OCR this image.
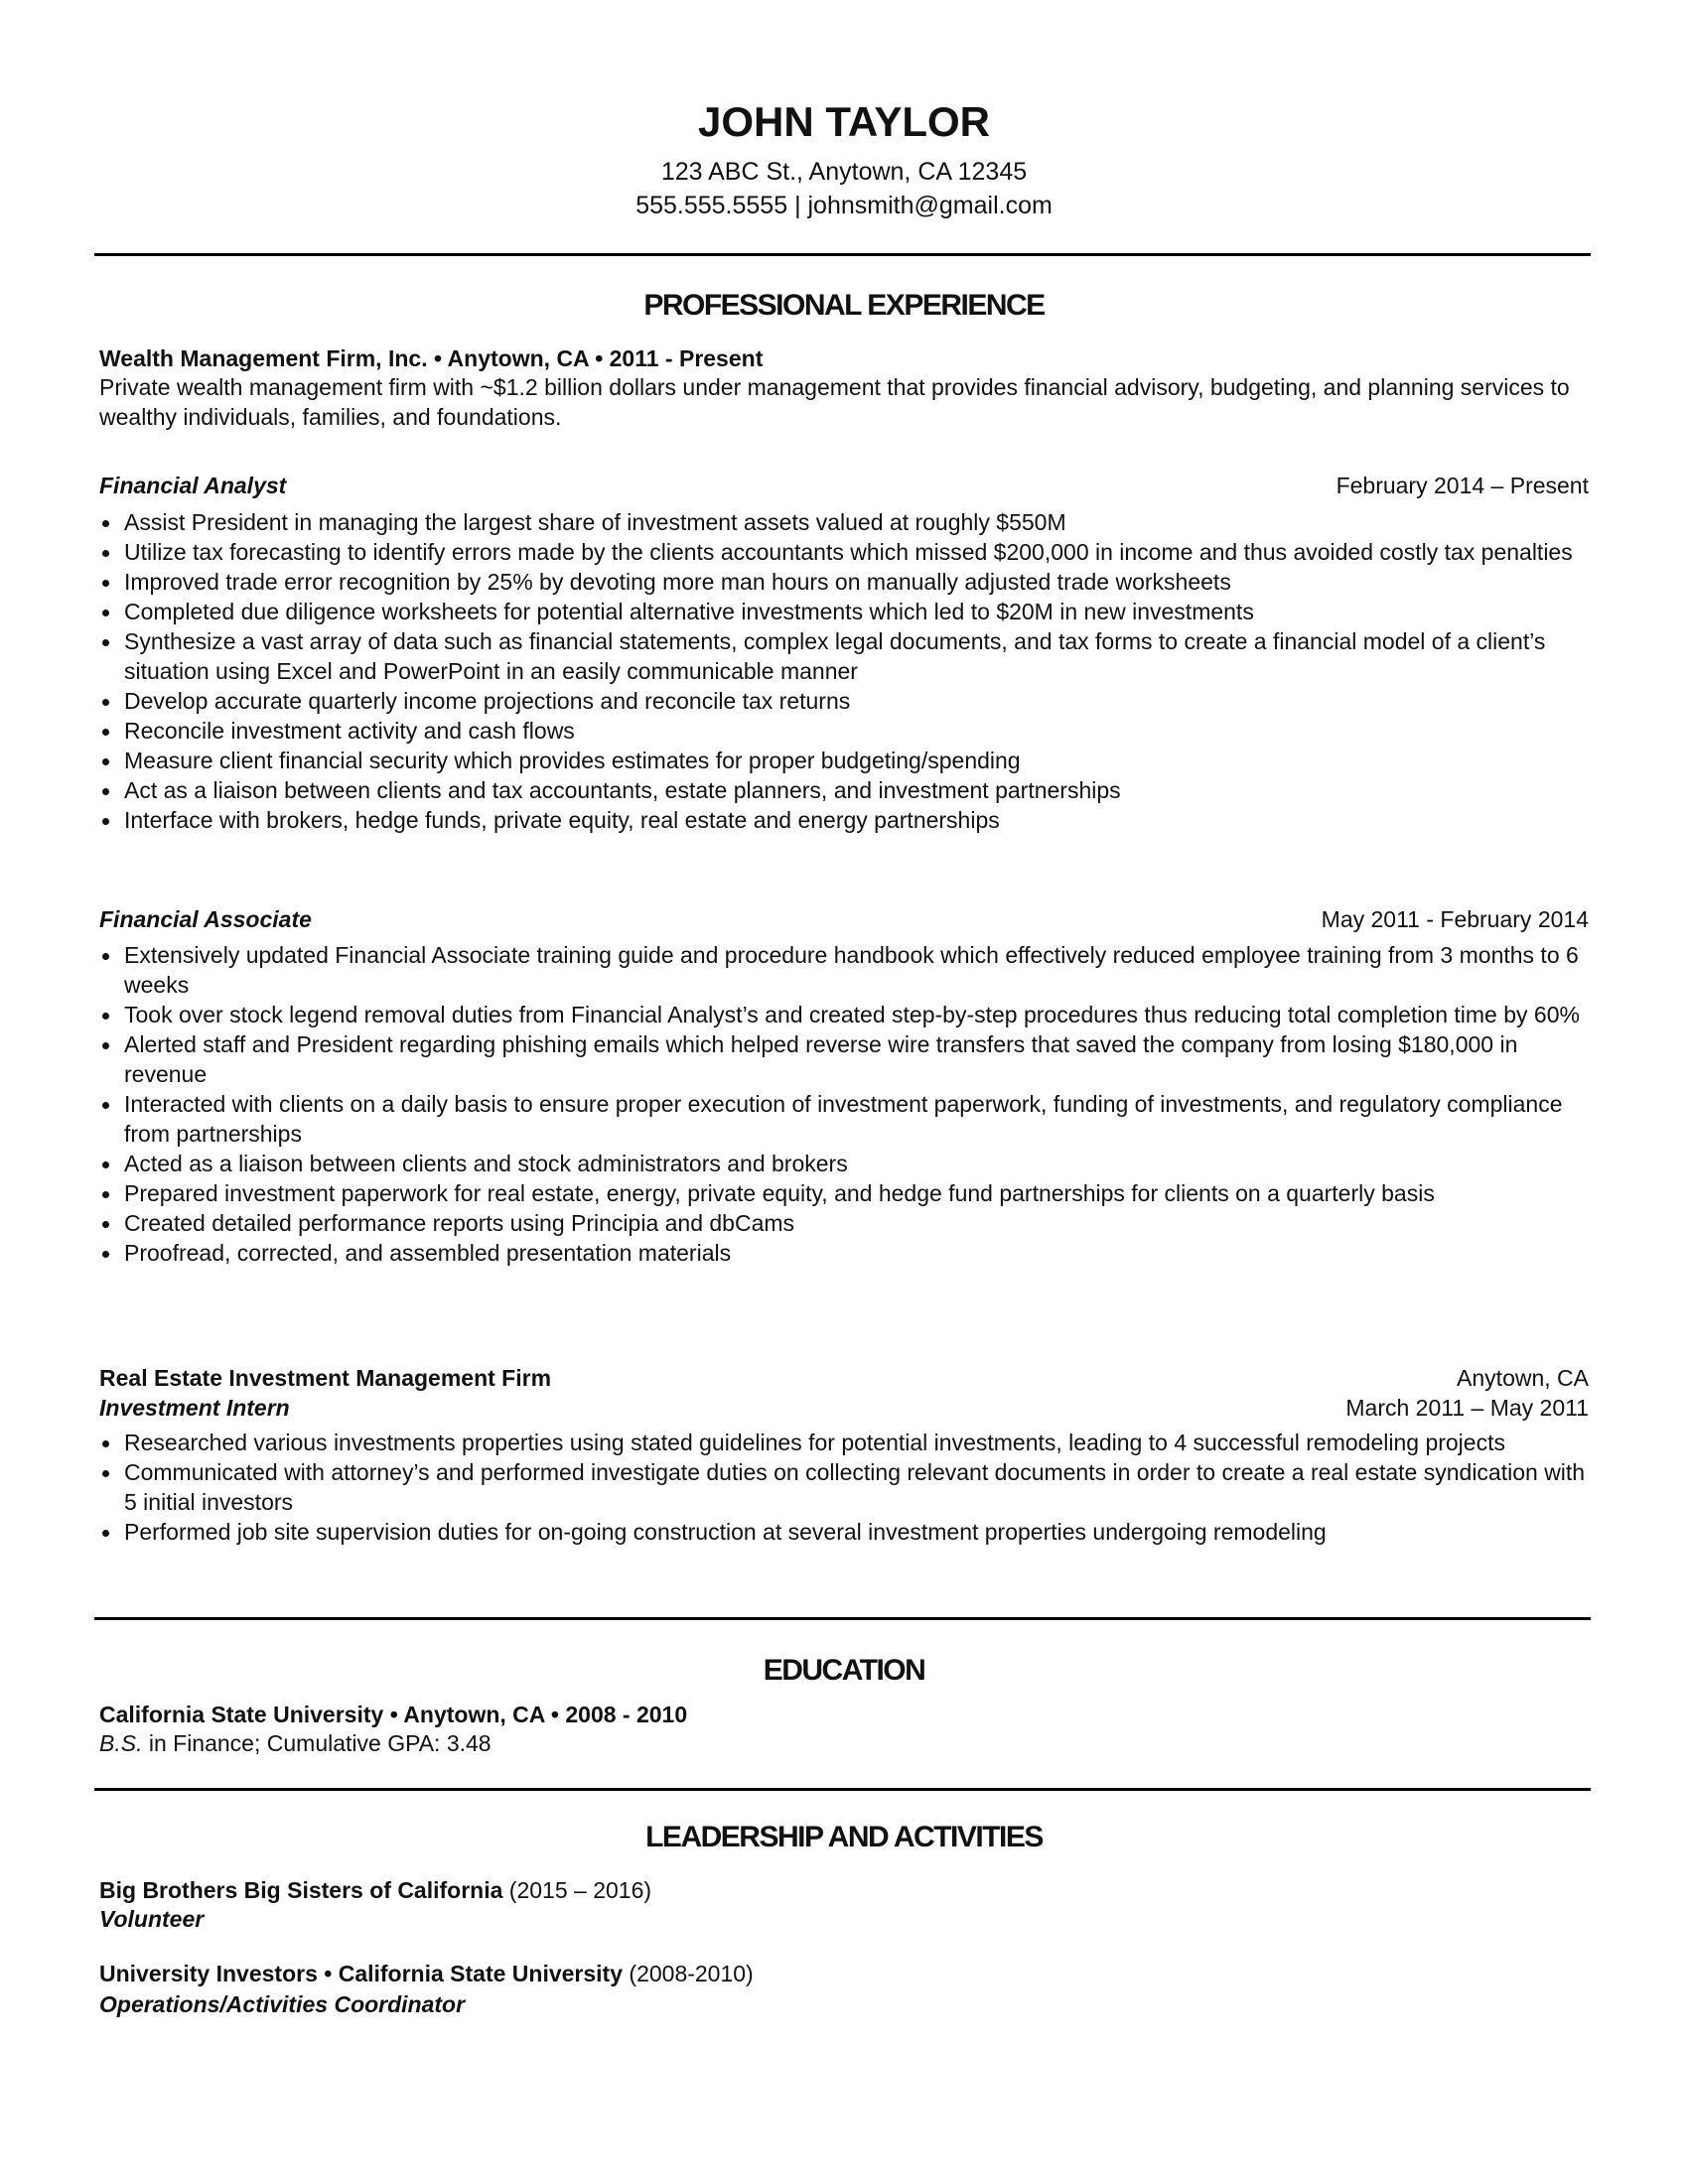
JOHN TAYLOR
123 ABC St., Anytown, CA 12345
555.555.5555 | johnsmith@gmail.com
PROFESSIONAL EXPERIENCE
Wealth Management Firm, Inc. • Anytown, CA • 2011 - Present

Private wealth management firm with ~$1.2 billion dollars under management that provides financial advisory, budgeting, and planning services to wealthy individuals, families, and foundations.

Financial Analyst	February 2014 – Present
Assist President in managing the largest share of investment assets valued at roughly $550M
Utilize tax forecasting to identify errors made by the clients accountants which missed $200,000 in income and thus avoided costly tax penalties
Improved trade error recognition by 25% by devoting more man hours on manually adjusted trade worksheets
Completed due diligence worksheets for potential alternative investments which led to $20M in new investments
Synthesize a vast array of data such as financial statements, complex legal documents, and tax forms to create a financial model of a client’s situation using Excel and PowerPoint in an easily communicable manner
Develop accurate quarterly income projections and reconcile tax returns
Reconcile investment activity and cash flows
Measure client financial security which provides estimates for proper budgeting/spending
Act as a liaison between clients and tax accountants, estate planners, and investment partnerships
Interface with brokers, hedge funds, private equity, real estate and energy partnerships
Financial Associate	May 2011 - February 2014
Extensively updated Financial Associate training guide and procedure handbook which effectively reduced employee training from 3 months to 6 weeks
Took over stock legend removal duties from Financial Analyst’s and created step-by-step procedures thus reducing total completion time by 60%
Alerted staff and President regarding phishing emails which helped reverse wire transfers that saved the company from losing $180,000 in revenue
Interacted with clients on a daily basis to ensure proper execution of investment paperwork, funding of investments, and regulatory compliance from partnerships
Acted as a liaison between clients and stock administrators and brokers
Prepared investment paperwork for real estate, energy, private equity, and hedge fund partnerships for clients on a quarterly basis
Created detailed performance reports using Principia and dbCams
Proofread, corrected, and assembled presentation materials
Real Estate Investment Management Firm	Anytown, CA
Investment Intern	March 2011 – May 2011
Researched various investments properties using stated guidelines for potential investments, leading to 4 successful remodeling projects
Communicated with attorney’s and performed investigate duties on collecting relevant documents in order to create a real estate syndication with 5 initial investors
Performed job site supervision duties for on-going construction at several investment properties undergoing remodeling
EDUCATION
California State University • Anytown, CA • 2008 - 2010
B.S. in Finance; Cumulative GPA: 3.48
LEADERSHIP AND ACTIVITIES
Big Brothers Big Sisters of California (2015 – 2016)
Volunteer
University Investors • California State University (2008-2010)
Operations/Activities Coordinator
